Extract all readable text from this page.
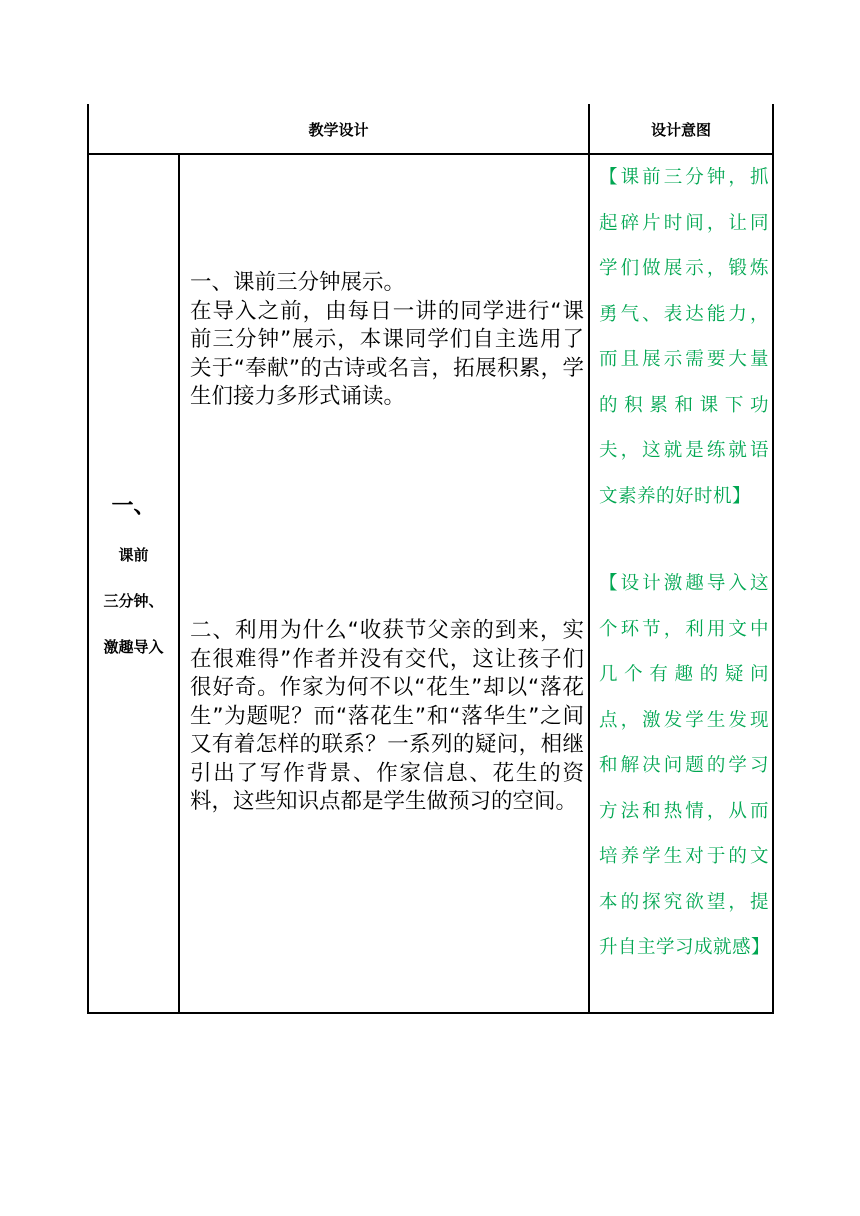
教学设计	设计意图
一、
课前
三分钟、
激趣导入

一、课前三分钟展示。

在导入之前，由每日一讲的同学进行“课前三分钟”展示，本课同学们自主选用了关于“奉献”的古诗或名言，拓展积累，学生们接力多形式诵读。

二、利用为什么“收获节父亲的到来，实在很难得”作者并没有交代，这让孩子们很好奇。作家为何不以“花生”却以“落花生”为题呢？而“落花生”和“落华生”之间又有着怎样的联系？一系列的疑问，相继引出了写作背景、作家信息、花生的资料，这些知识点都是学生做预习的空间。

【课前三分钟，抓起碎片时间，让同学们做展示，锻炼勇气、表达能力，而且展示需要大量的积累和课下功夫，这就是练就语文素养的好时机】
【设计激趣导入这个环节，利用文中几个有趣的疑问点，激发学生发现和解决问题的学习方法和热情，从而培养学生对于的文本的探究欲望，提升自主学习成就感】
